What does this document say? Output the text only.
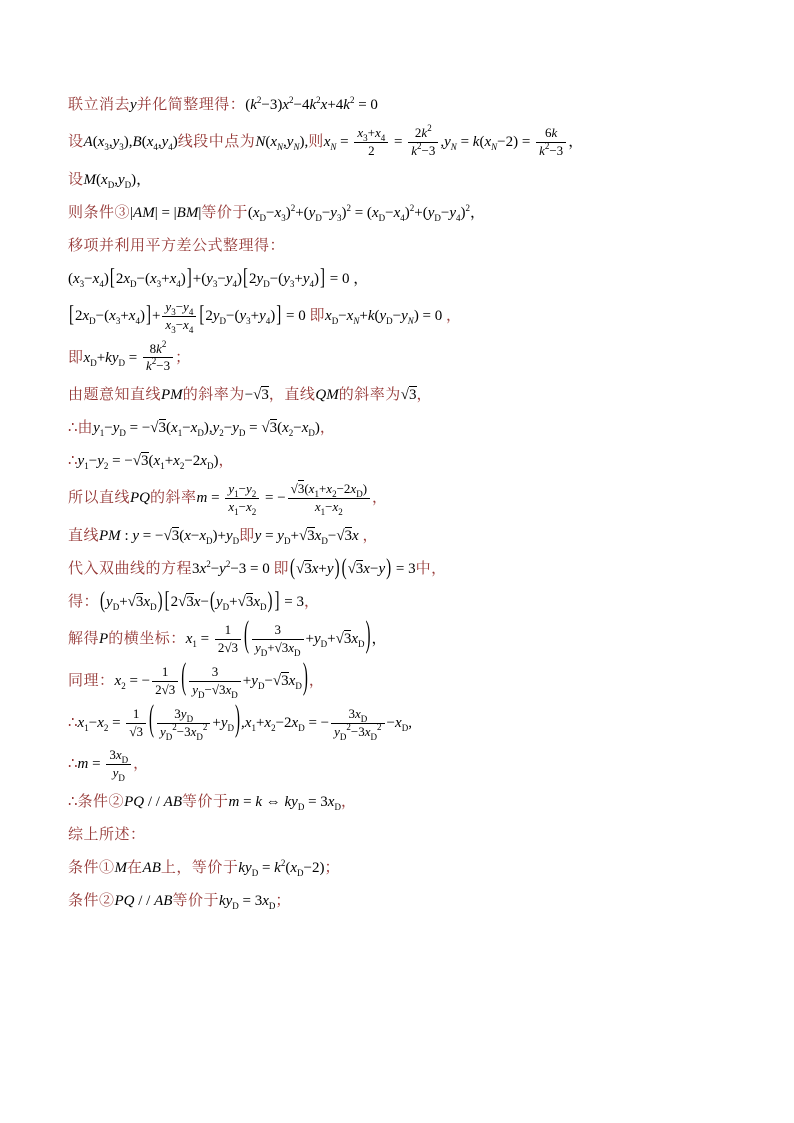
联立消去y并化简整理得：$(k^2-3)x^2-4k^2x+4k^2 = 0$

设$A(x_3,y_3),B(x_4,y_4)$线段中点为$N(x_N,y_N)$,则$x_N = \frac{x_3+x_4}{2} = \frac{2k^2}{k^2-3} ,y_N = k(x_N-2) = \frac{6k}{k^2-3}$ ，

设$M(x_D,y_D)$，

则条件③|AM| = |BM|等价于$(x_D-x_3)^2+(y_D-y_3)^2 = (x_D-x_4)^2+(y_D-y_4)^2$，

移项并利用平方差公式整理得：

$(x_3-x_4)[2x_D-(x_3+x_4)]+(y_3-y_4)[2y_D-(y_3+y_4)] = 0$ ，

$[2x_D-(x_3+x_4)]+ \frac{y_3-y_4}{x_3-x_4} [2y_D-(y_3+y_4)] = 0$ 即$x_D-x_N+k(y_D-y_N) = 0$ ，

即$x_D+ky_D = \frac{8k^2}{k^2-3}$ ；

由题意知直线PM的斜率为− √ 3，直线QM的斜率为 √ 3，

∴由$y_1-y_D$ = − √ $3(x_1-x_D),y_2-y_D$ = √ $3(x_2-x_D)$，

$\therefore y_1-y_2$ = − √ $3(x_1+x_2-2x_D)$，

所以直线PQ的斜率$m = \frac{y_1-y_2}{x_1-x_2}$ = − √ $\frac{3(x_1+x_2-2x_D)}{x_1-x_2}$ ，

直线PM : y = − √ $3(x-x_D)+y_D$即$y = y_D+$ √ $3x_D-$ √ 3x ，

代入双曲线的方程$3x^2-y^2-3 = 0$ 即( √ 3x+y) ( √ 3x−y) = 3中，

得：($y_D+$ √ $3x_D$) [2 √ $3x-(y_D+$ √ $3x_D$) ] = 3，

解得P的横坐标：$x_1 = \frac{1}{2 √ 3}$ ( $\frac{3}{y_D+ √ 3x_D} +y_D+$ √ $3x_D$)，

同理：$x_2$ = − $\frac{1}{2 √ 3}$ ( $\frac{3}{y_D- √ 3x_D} +y_D-$ √ $3x_D$)，

$\therefore x_1-x_2 = 1$
√ 3 ( $\frac{3y_D}{y_D^2-3x_D^2} +y_D),x_1+x_2-2x_D$ = − $\frac{3x_D}{y_D^2-3x_D^2} -x_D$,

∴m = $\frac{3x_D}{y_D}$ ，

∴条件②PQ / / AB等价于m = k ⇔ $ky_D = 3x_D$，

综上所述：

条件①M在AB上，等价于$ky_D = k^2(x_D-2)$；

条件②PQ / / AB等价于$ky_D = 3x_D$；
